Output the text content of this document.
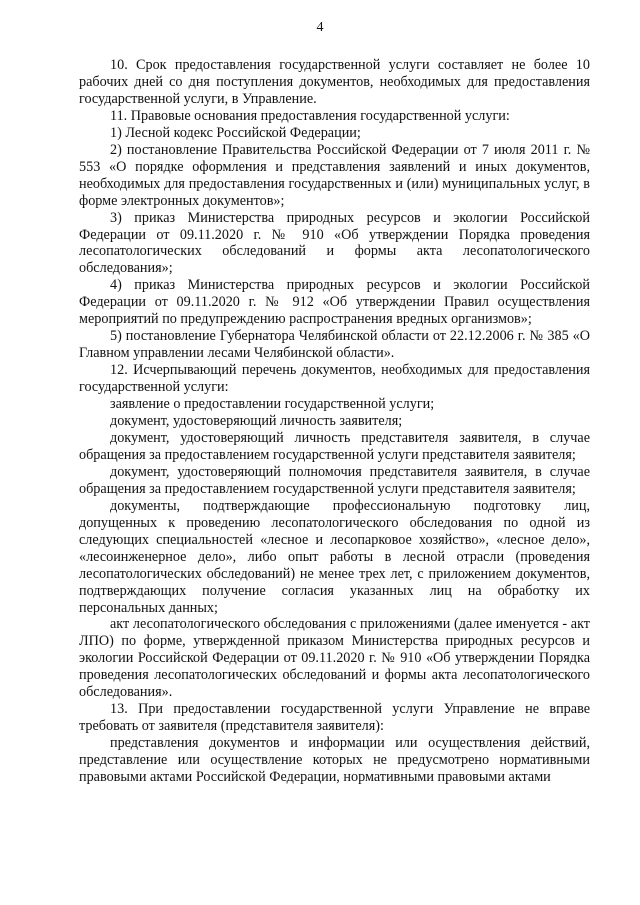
4

10. Срок предоставления государственной услуги составляет не более 10 рабочих дней со дня поступления документов, необходимых для предоставления государственной услуги, в Управление.

11. Правовые основания предоставления государственной услуги:

1) Лесной кодекс Российской Федерации;

2) постановление Правительства Российской Федерации от 7 июля 2011 г. № 553 «О порядке оформления и представления заявлений и иных документов, необходимых для предоставления государственных и (или) муниципальных услуг, в форме электронных документов»;

3) приказ Министерства природных ресурсов и экологии Российской Федерации от 09.11.2020 г. № 910 «Об утверждении Порядка проведения лесопатологических обследований и формы акта лесопатологического обследования»;

4) приказ Министерства природных ресурсов и экологии Российской Федерации от 09.11.2020 г. № 912 «Об утверждении Правил осуществления мероприятий по предупреждению распространения вредных организмов»;

5) постановление Губернатора Челябинской области от 22.12.2006 г. № 385 «О Главном управлении лесами Челябинской области».

12. Исчерпывающий перечень документов, необходимых для предоставления государственной услуги:

заявление о предоставлении государственной услуги;

документ, удостоверяющий личность заявителя;

документ, удостоверяющий личность представителя заявителя, в случае обращения за предоставлением государственной услуги представителя заявителя;

документ, удостоверяющий полномочия представителя заявителя, в случае обращения за предоставлением государственной услуги представителя заявителя;

документы, подтверждающие профессиональную подготовку лиц, допущенных к проведению лесопатологического обследования по одной из следующих специальностей «лесное и лесопарковое хозяйство», «лесное дело», «лесоинженерное дело», либо опыт работы в лесной отрасли (проведения лесопатологических обследований) не менее трех лет, с приложением документов, подтверждающих получение согласия указанных лиц на обработку их персональных данных;

акт лесопатологического обследования с приложениями (далее именуется - акт ЛПО) по форме, утвержденной приказом Министерства природных ресурсов и экологии Российской Федерации от 09.11.2020 г. № 910 «Об утверждении Порядка проведения лесопатологических обследований и формы акта лесопатологического обследования».

13. При предоставлении государственной услуги Управление не вправе требовать от заявителя (представителя заявителя):

представления документов и информации или осуществления действий, представление или осуществление которых не предусмотрено нормативными правовыми актами Российской Федерации, нормативными правовыми актами
